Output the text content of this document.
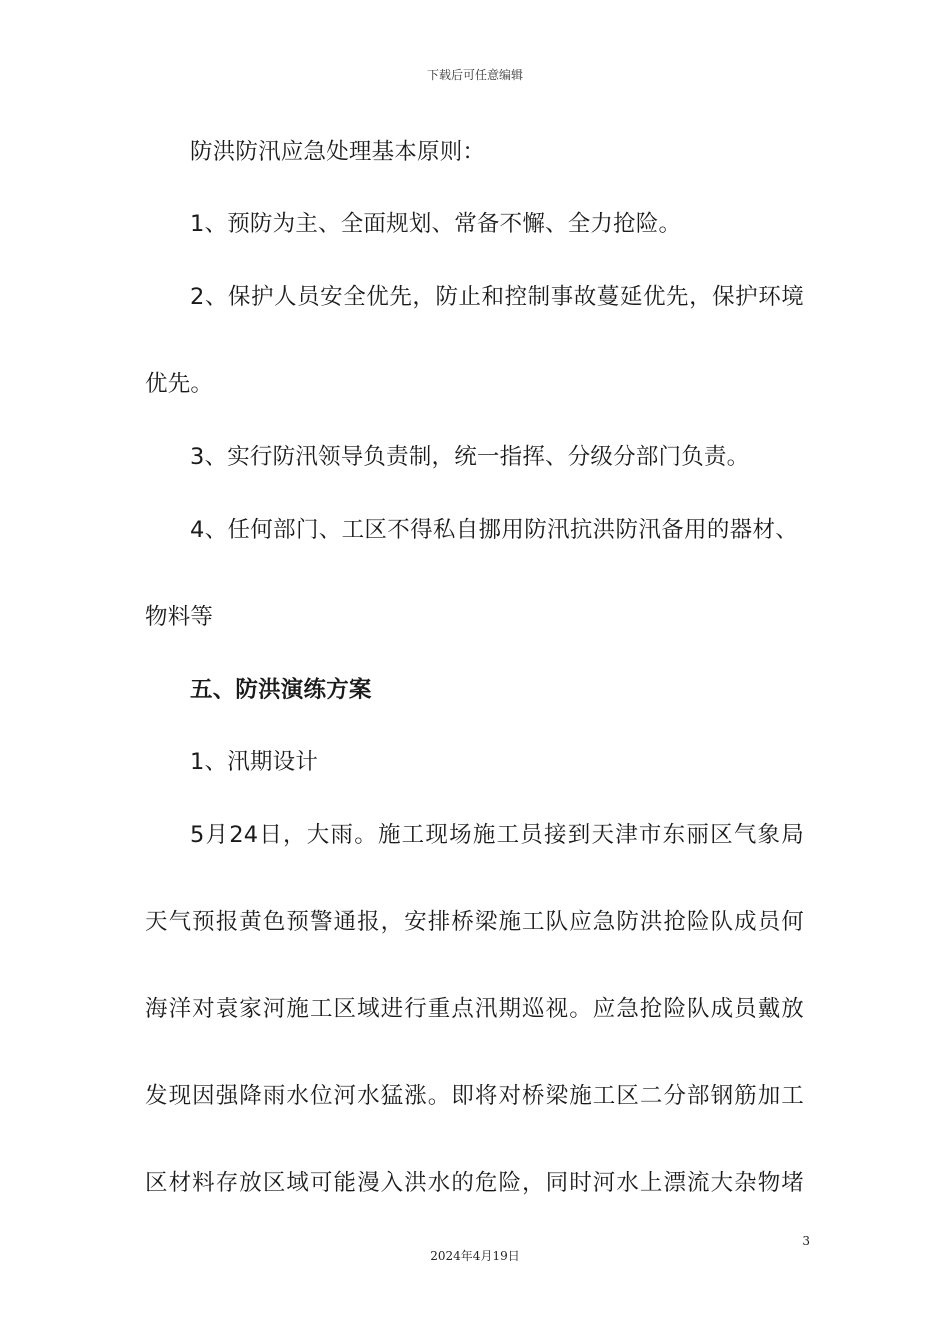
下载后可任意编辑
防洪防汛应急处理基本原则：
1、预防为主、全面规划、常备不懈、全力抢险。
2、保护人员安全优先，防止和控制事故蔓延优先，保护环境
优先。
3、实行防汛领导负责制，统一指挥、分级分部门负责。
4、任何部门、工区不得私自挪用防汛抗洪防汛备用的器材、
物料等
五、防洪演练方案
1、汛期设计
5月24日，大雨。施工现场施工员接到天津市东丽区气象局
天气预报黄色预警通报，安排桥梁施工队应急防洪抢险队成员何
海洋对袁家河施工区域进行重点汛期巡视。应急抢险队成员戴放
发现因强降雨水位河水猛涨。即将对桥梁施工区二分部钢筋加工
区材料存放区域可能漫入洪水的危险，同时河水上漂流大杂物堵
3
2024年4月19日
